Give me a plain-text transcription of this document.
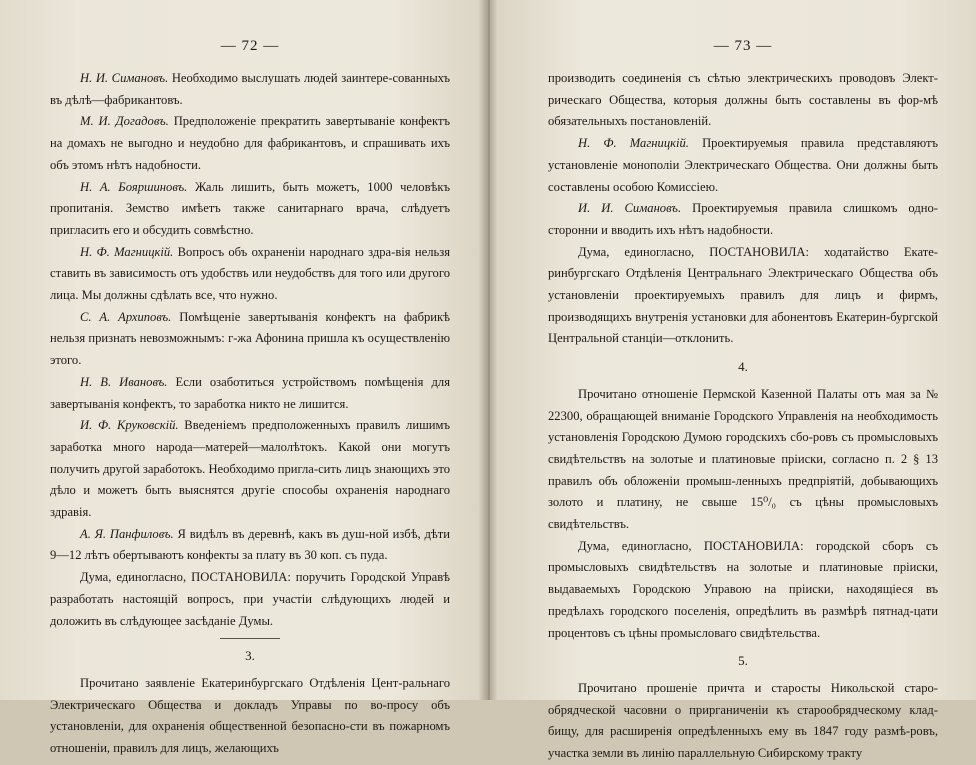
— 72 —

Н. И. Симановъ. Необходимо выслушать людей заинтере-сованныхъ въ дѣлѣ—фабрикантовъ.

М. И. Догадовъ. Предположеніе прекратить завертываніе конфектъ на домахъ не выгодно и неудобно для фабрикантовъ, и спрашивать ихъ объ этомъ нѣтъ надобности.

Н. А. Бояршиновъ. Жаль лишить, быть можетъ, 1000 человѣкъ пропитанія. Земство имѣетъ также санитарнаго врача, слѣдуетъ пригласить его и обсудить совмѣстно.

Н. Ф. Магницкій. Вопросъ объ охраненіи народнаго здра-вія нельзя ставить въ зависимость отъ удобствъ или неудобствъ для того или другого лица. Мы должны сдѣлать все, что нужно.

С. А. Архиповъ. Помѣщеніе завертыванія конфектъ на фабрикѣ нельзя признать невозможнымъ: г-жа Афонина пришла къ осуществленію этого.

Н. В. Ивановъ. Если озаботиться устройствомъ помѣщенія для завертыванія конфектъ, то заработка никто не лишится.

И. Ф. Круковскій. Введеніемъ предположенныхъ правилъ лишимъ заработка много народа—матерей—малолѣтокъ. Какой они могутъ получить другой заработокъ. Необходимо пригла-сить лицъ знающихъ это дѣло и можетъ быть выяснятся другіе способы охраненія народнаго здравія.

А. Я. Панфиловъ. Я видѣлъ въ деревнѣ, какъ въ душ-ной избѣ, дѣти 9—12 лѣтъ обертываютъ конфекты за плату въ 30 коп. съ пуда.

Дума, единогласно, ПОСТАНОВИЛА: поручить Городской Управѣ разработать настоящій вопросъ, при участіи слѣдующихъ людей и доложить въ слѣдующее засѣданіе Думы.

3.

Прочитано заявленіе Екатеринбургскаго Отдѣленія Цент-ральнаго Электрическаго Общества и докладъ Управы по во-просу объ установленіи, для охраненія общественной безопасно-сти въ пожарномъ отношеніи, правилъ для лицъ, желающихъ

— 73 —

производить соединенія съ сѣтью электрическихъ проводовъ Элект-рическаго Общества, которыя должны быть составлены въ фор-мѣ обязательныхъ постановленій.

Н. Ф. Магницкій. Проектируемыя правила представляютъ установленіе монополіи Электрическаго Общества. Они должны быть составлены особою Комиссіею.

И. И. Симановъ. Проектируемыя правила слишкомъ одно-сторонни и вводить ихъ нѣтъ надобности.

Дума, единогласно, ПОСТАНОВИЛА: ходатайство Екате-ринбургскаго Отдѣленія Центральнаго Электрическаго Общества объ установленіи проектируемыхъ правилъ для лицъ и фирмъ, производящихъ внутренія установки для абонентовъ Екатерин-бургской Центральной станціи—отклонить.

4.

Прочитано отношеніе Пермской Казенной Палаты отъ мая за № 22300, обращающей вниманіе Городского Управленія на необходимость установленія Городскою Думою городскихъ сбо-ровъ съ промысловыхъ свидѣтельствъ на золотые и платиновые пріиски, согласно п. 2 § 13 правилъ объ обложеніи промыш-ленныхъ предпріятій, добывающихъ золото и платину, не свыше 15⁰/₀ съ цѣны промысловыхъ свидѣтельствъ.

Дума, единогласно, ПОСТАНОВИЛА: городской сборъ съ промысловыхъ свидѣтельствъ на золотые и платиновые пріиски, выдаваемыхъ Городскою Управою на пріиски, находящіеся въ предѣлахъ городского поселенія, опредѣлить въ размѣрѣ пятнад-цати процентовъ съ цѣны промысловаго свидѣтельства.

5.

Прочитано прошеніе причта и старосты Никольской старо-обрядческой часовни о прирганиченіи къ старообрядческому клад-бищу, для расширенія опредѣленныхъ ему въ 1847 году размѣ-ровъ, участка земли въ линію параллельную Сибирскому тракту
